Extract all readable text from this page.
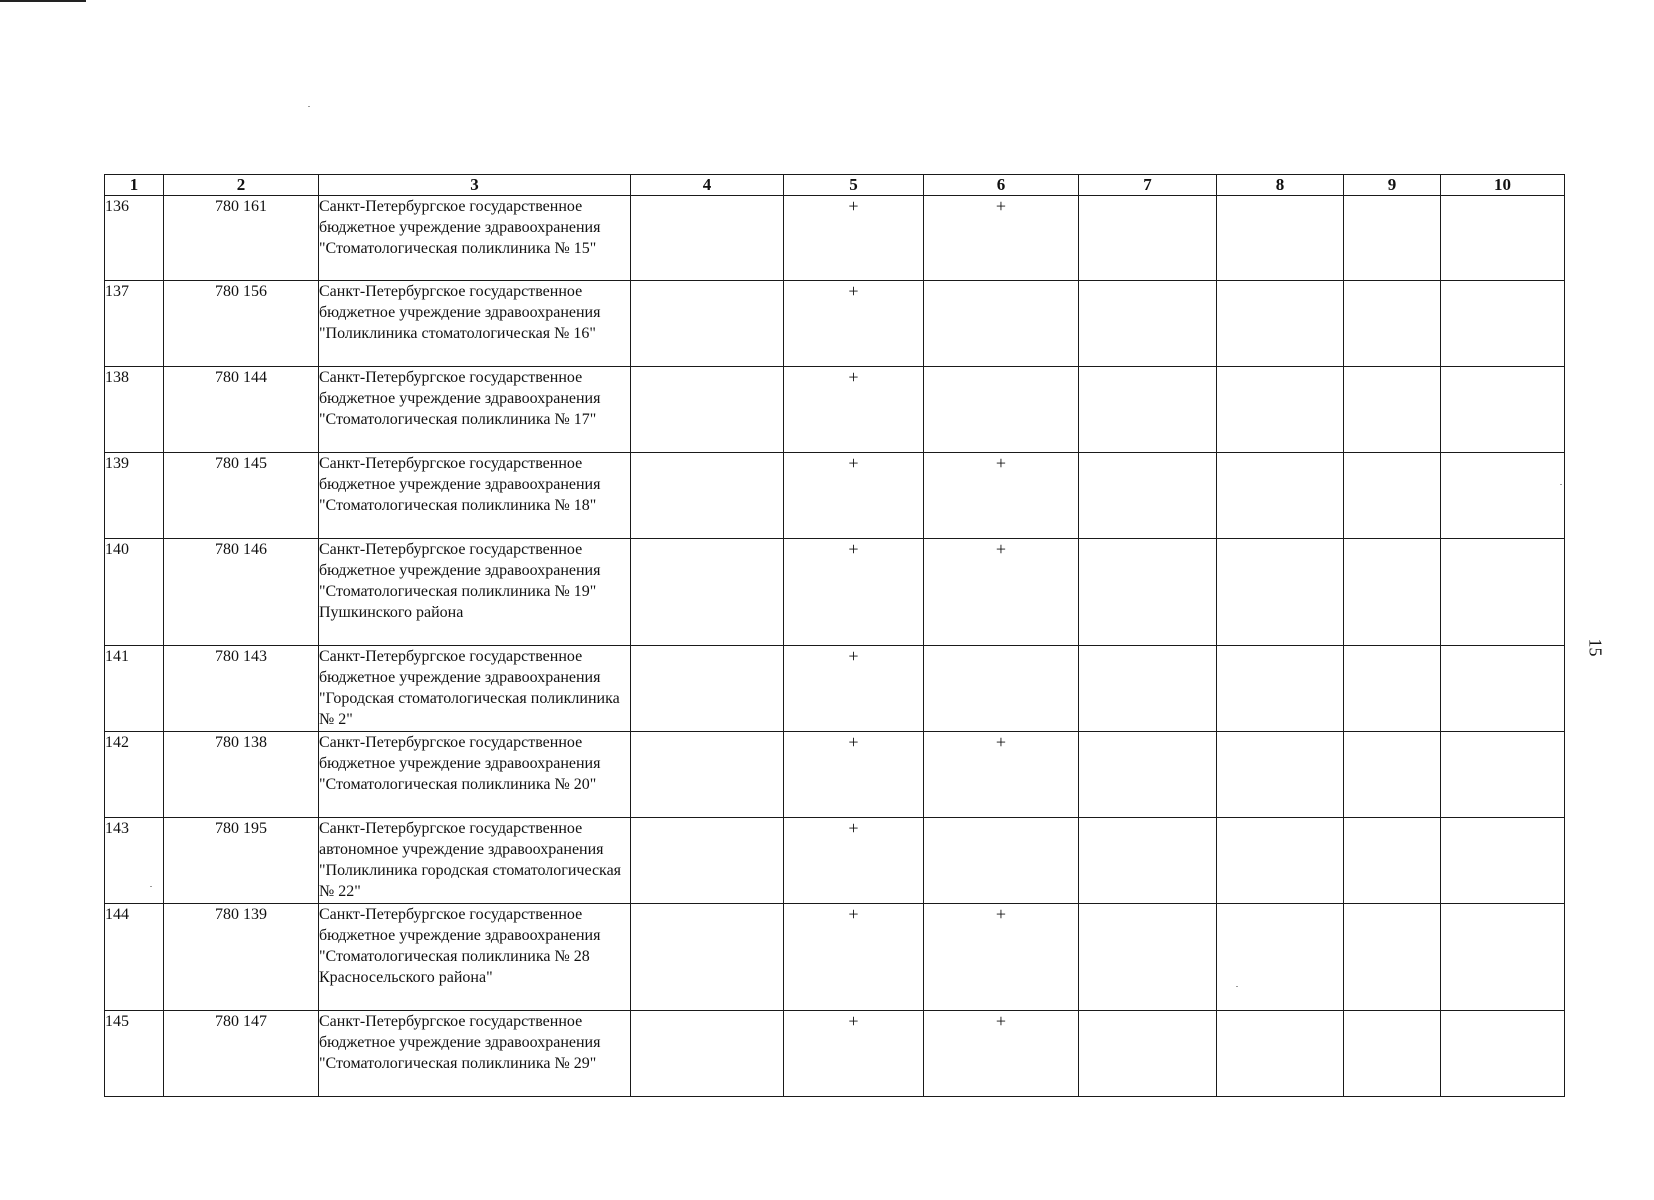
1	2	3	4	5	6	7	8	9	10
136	780 161	Санкт-Петербургское государственное бюджетное учреждение здравоохранения "Стоматологическая поликлиника № 15"		+	+				
137	780 156	Санкт-Петербургское государственное бюджетное учреждение здравоохранения "Поликлиника стоматологическая № 16"		+					
138	780 144	Санкт-Петербургское государственное бюджетное учреждение здравоохранения "Стоматологическая поликлиника № 17"		+					
139	780 145	Санкт-Петербургское государственное бюджетное учреждение здравоохранения "Стоматологическая поликлиника № 18"		+	+				
140	780 146	Санкт-Петербургское государственное бюджетное учреждение здравоохранения "Стоматологическая поликлиника № 19" Пушкинского района		+	+				
141	780 143	Санкт-Петербургское государственное бюджетное учреждение здравоохранения "Городская стоматологическая поликлиника № 2"		+					
142	780 138	Санкт-Петербургское государственное бюджетное учреждение здравоохранения "Стоматологическая поликлиника № 20"		+	+				
143	780 195	Санкт-Петербургское государственное автономное учреждение здравоохранения "Поликлиника городская стоматологическая № 22"		+					
144	780 139	Санкт-Петербургское государственное бюджетное учреждение здравоохранения "Стоматологическая поликлиника № 28 Красносельского района"		+	+				
145	780 147	Санкт-Петербургское государственное бюджетное учреждение здравоохранения "Стоматологическая поликлиника № 29"		+	+				
15
